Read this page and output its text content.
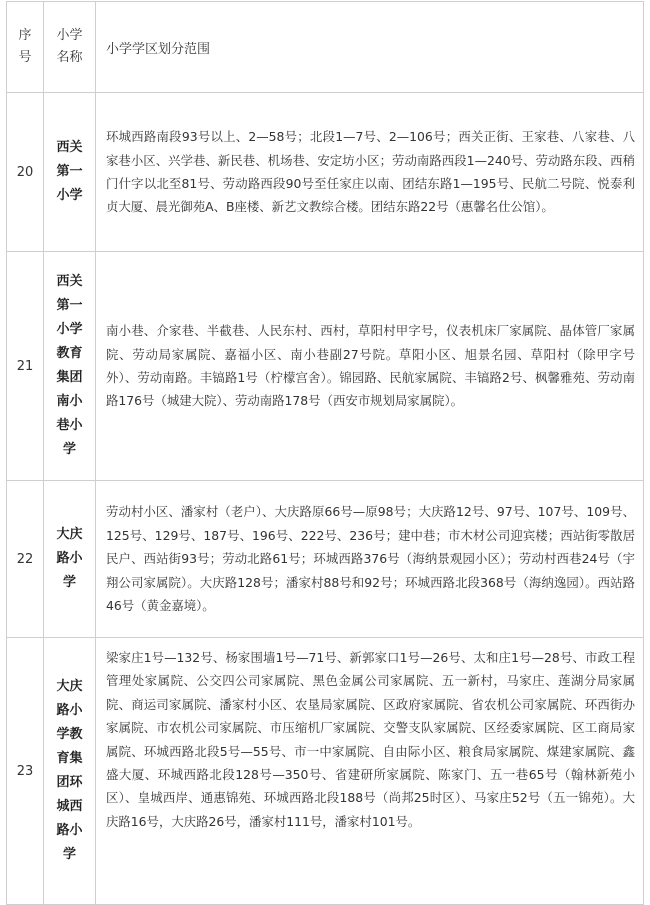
序号	小学名称	小学学区划分范围
20	西关第一小学	环城西路南段93号以上、2—58号；北段1—7号、2—106号；西关正街、王家巷、八家巷、八家巷小区、兴学巷、新民巷、机场巷、安定坊小区；劳动南路西段1—240号、劳动路东段、西稍门什字以北至81号、劳动路西段90号至任家庄以南、团结东路1—195号、民航二号院、悦泰利贞大厦、晨光御苑A、B座楼、新艺文教综合楼。团结东路22号（惠馨名仕公馆）。

21	西关第一小学教育集团南小巷小学	南小巷、介家巷、半截巷、人民东村、西村，草阳村甲字号，仪表机床厂家属院、晶体管厂家属院、劳动局家属院、嘉福小区、南小巷副27号院。草阳小区、旭景名园、草阳村（除甲字号外）、劳动南路。丰镐路1号（柠檬宫舍）。锦园路、民航家属院、丰镐路2号、枫馨雅苑、劳动南路176号（城建大院）、劳动南路178号（西安市规划局家属院）。

22	大庆路小学	劳动村小区、潘家村（老户）、大庆路原66号—原98号；大庆路12号、97号、107号、109号、125号、129号、187号、196号、222号、236号；建中巷；市木材公司迎宾楼；西站街零散居民户、西站街93号；劳动北路61号；环城西路376号（海纳景观园小区）；劳动村西巷24号（宇翔公司家属院）。大庆路128号；潘家村88号和92号；环城西路北段368号（海纳逸园）。西站路46号（黄金嘉境）。

23	大庆路小学教育集团环城西路小学	梁家庄1号—132号、杨家围墙1号—71号、新郭家口1号—26号、太和庄1号—28号、市政工程管理处家属院、公交四公司家属院、黑色金属公司家属院、五一新村，马家庄、莲湖分局家属院、商运司家属院、潘家村小区、农垦局家属院、区政府家属院、省农机公司家属院、环西街办家属院、市农机公司家属院、市压缩机厂家属院、交警支队家属院、区经委家属院、区工商局家属院、环城西路北段5号—55号、市一中家属院、自由际小区、粮食局家属院、煤建家属院、鑫盛大厦、环城西路北段128号—350号、省建研所家属院、陈家门、五一巷65号（翰林新苑小区）、皇城西岸、通惠锦苑、环城西路北段188号（尚邦25时区）、马家庄52号（五一锦苑）。大庆路16号，大庆路26号，潘家村111号，潘家村101号。
